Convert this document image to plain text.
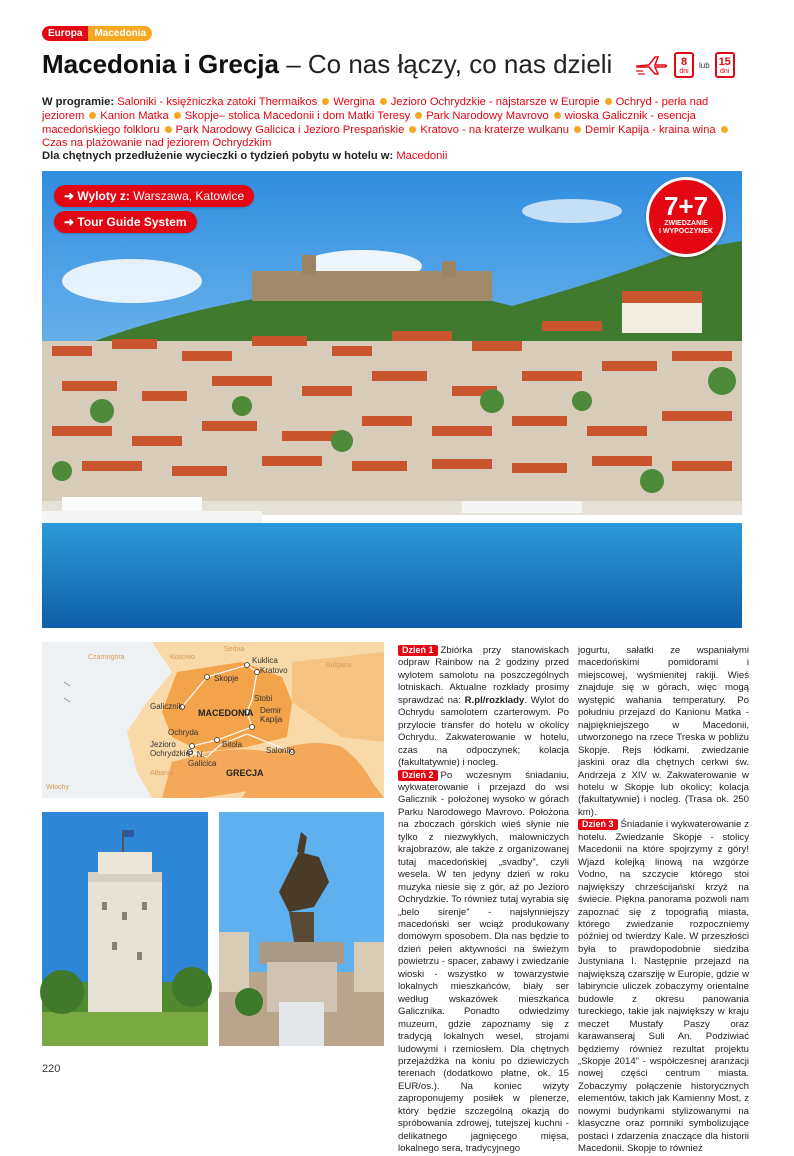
Europa	Macedonia
Macedonia i Grecja – Co nas łączy, co nas dzieli	8
dni
lub 15
dni
W programie: Saloniki - księżniczka zatoki Thermaikos Wergina Jezioro Ochrydzkie - najstarsze w Europie Ochryd - perła nad jeziorem Kanion Matka Skopje– stolica Macedonii i dom Matki Teresy Park Narodowy Mavrovo wioska Galicznik - esencja macedońskiego folkloru Park Narodowy Galicica i Jezioro Prespańskie Kratovo - na kraterze wulkanu Demir Kapija - kraina winaCzas na plażowanie nad jeziorem Ochrydzkim
Dla chętnych przedłużenie wycieczki o tydzień pobytu w hotelu w: Macedonii
➜ Wyloty z: Warszawa, Katowice
➜ Tour Guide System
7+7
ZWIEDZANIE
I WYPOCZYNEK
Czarnogóra	Kosowo
Serbia
Bulgaria
Albania
Włochy
MACEDONIA
GRECJA
Kuklica
Kratovo
Skopje
Galicznik
Stobi
Demir Kapija
Ochryda
Jezioro Ochrydzkie
P. N. Galicica
Bitola
Saloniki

Dzień 1 Zbiórka przy stanowiskach odpraw Rainbow na 2 godziny przed wylotem samolotu na poszczególnych lotniskach. Aktualne rozkłady prosimy sprawdzać na: R.pl/rozklady. Wylot do Ochrydu samolotem czarterowym. Po przylocie transfer do hotelu w okolicy Ochrydu. Zakwaterowanie w hotelu, czas na odpoczynek; kolacja (fakultatywnie) i nocleg.

Dzień 2 Po wczesnym śniadaniu, wykwaterowanie i przejazd do wsi Galicznik - położonej wysoko w górach Parku Narodowego Mavrovo. Położona na zboczach górskich wieś słynie nie tylko z niezwykłych, malowniczych krajobrazów, ale także z organizowanej tutaj macedońskiej „svadby”, czyli wesela. W ten jedyny dzień w roku muzyka niesie się z gór, aż po Jezioro Ochrydzkie. To również tutaj wyrabia się „belo sirenje” - najsłynniejszy macedoński ser wciąż produkowany domowym sposobem. Dla nas będzie to dzień pełen aktywności na świeżym powietrzu - spacer, zabawy i zwiedzanie wioski - wszystko w towarzystwie lokalnych mieszkańców, biały ser według wskazówek mieszkańca Galicznika. Ponadto odwiedzimy muzeum, gdzie zapoznamy się z tradycją lokalnych wesel, strojami ludowymi i rzemiosłem. Dla chętnych przejażdżka na koniu po dziewiczych terenach (dodatkowo płatne, ok. 15 EUR/os.). Na koniec wizyty zaproponujemy posiłek w plenerze, który będzie szczególną okazją do spróbowania zdrowej, tutejszej kuchni - delikatnego jagnięcego mięsa, lokalnego sera, tradycyjnego

jogurtu, sałatki ze wspaniałymi macedońskimi pomidorami i miejscowej, wyśmienitej rakiji. Wieś znajduje się w górach, więc mogą występić wahania temperatury. Po południu przejazd do Kanionu Matka - najpiękniejszego w Macedonii, utworzonego na rzece Treska w pobliżu Skopje. Rejs łódkami, zwiedzanie jaskini oraz dla chętnych cerkwi św. Andrzeja z XIV w. Zakwaterowanie w hotelu w Skopje lub okolicy; kolacja (fakultatywnie) i nocleg. (Trasa ok. 250 km).

Dzień 3 Śniadanie i wykwaterowanie z hotelu. Zwiedzanie Skopje - stolicy Macedonii na które spojrzymy z góry! Wjazd kolejką linową na wzgórze Vodno, na szczycie którego stoi największy chrześcijański krzyż na świecie. Piękna panorama pozwoli nam zapoznać się z topografią miasta, którego zwiedzanie rozpoczniemy później od twierdzy Kale. W przeszłości była to prawdopodobnie siedziba Justyniana I. Następnie przejazd na największą czarsziję w Europie, gdzie w labiryncie uliczek zobaczymy orientalne budowle z okresu panowania tureckiego, takie jak największy w kraju meczet Mustafy Paszy oraz karawanseraj Suli An. Podziwiać będziemy również rezultat projektu „Skopje 2014” - współczesnej aranżacji nowej części centrum miasta. Zobaczymy połączenie historycznych elementów, takich jak Kamienny Most, z nowymi budynkami stylizowanymi na klasyczne oraz pomniki symbolizujące postaci i zdarzenia znaczące dla historii Macedonii. Skopje to również

220
